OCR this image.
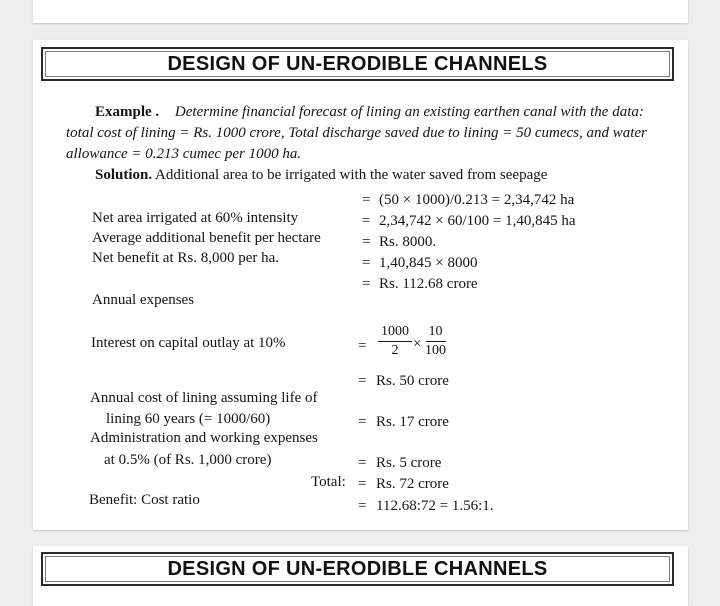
DESIGN OF UN-ERODIBLE CHANNELS
Example . Determine financial forecast of lining an existing earthen canal with the data:
total cost of lining = Rs. 1000 crore, Total discharge saved due to lining = 50 cumecs, and water
allowance = 0.213 cumec per 1000 ha.
Solution. Additional area to be irrigated with the water saved from seepage
= (50 × 1000)/0.213 = 2,34,742 ha
Net area irrigated at 60% intensity	= 2,34,742 × 60/100 = 1,40,845 ha
Average additional benefit per hectare	= Rs. 8000.
Net benefit at Rs. 8,000 per ha.	= 1,40,845 × 8000
= Rs. 112.68 crore
Annual expenses
Interest on capital outlay at 10%	= $\frac{1000}{2} \times \frac{10}{100}$
= Rs. 50 crore
Annual cost of lining assuming life of
lining 60 years (= 1000/60)	= Rs. 17 crore
Administration and working expenses
at 0.5% (of Rs. 1,000 crore)	= Rs. 5 crore
Total: = Rs. 72 crore
Benefit: Cost ratio	= 112.68:72 = 1.56:1.
DESIGN OF UN-ERODIBLE CHANNELS
